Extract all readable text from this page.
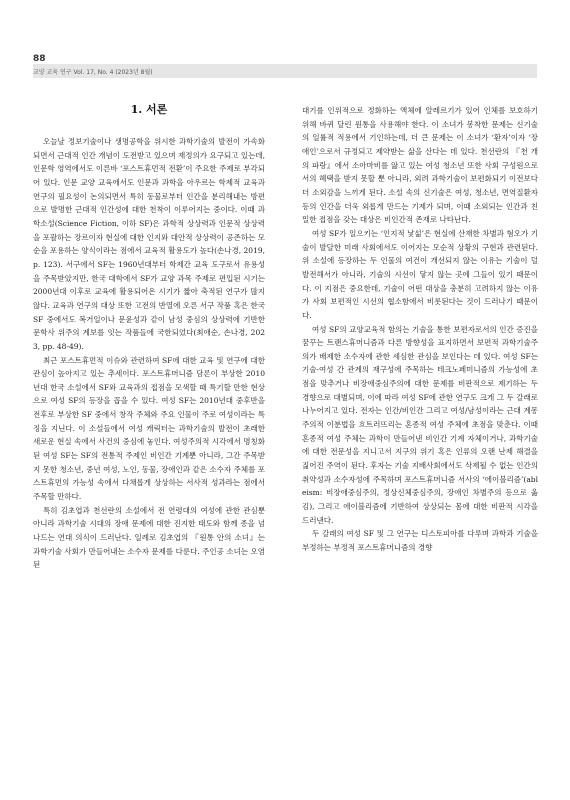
88
교양 교육 연구 Vol. 17, No. 4 (2023년 8월)
1. 서론

오늘날 정보기술이나 생명공학을 위시한 과학기술의 발전이 가속화되면서 근대적 인간 개념이 도전받고 있으며 재정의가 요구되고 있는데, 인문학 영역에서도 이른바 ‘포스트휴먼적 전환’이 주요한 주제로 부각되어 있다. 인문 교양 교육에서도 인문과 과학을 아우르는 학제적 교육과 연구의 필요성이 논의되면서 특히 동물로부터 인간을 분리해내는 방편으로 발명한 근대적 인간성에 대한 천착이 이루어지는 중이다. 이때 과학소설(Science Fiction, 이하 SF)은 과학적 상상력과 인문적 상상력을 포괄하는 장르이자 현실에 대한 인지와 대안적 상상력이 공존하는 모순을 포용하는 양식이라는 점에서 교육적 활용도가 높다(손나경, 2019, p. 123). 서구에서 SF는 1960년대부터 학제간 교육 도구로서 유용성을 주목받았지만, 한국 대학에서 SF가 교양 과목 주제로 편입된 시기는 2000년대 이후로 교육에 활용되어온 시기가 짧아 축적된 연구가 많지 않다. 교육과 연구의 대상 또한 고전의 반열에 오른 서구 작품 혹은 한국 SF 중에서도 복거일이나 문윤성과 같이 남성 중심의 상상력에 기반한 문학사 위주의 계보를 잇는 작품들에 국한되었다(최애순, 손나경, 2023, pp. 48-49).

최근 포스트휴먼적 이슈와 관련하여 SF에 대한 교육 및 연구에 대한 관심이 높아지고 있는 추세이다. 포스트휴머니즘 담론이 부상한 2010년대 한국 소설에서 SF와 교육과의 접점을 모색할 때 특기할 만한 현상으로 여성 SF의 등장을 꼽을 수 있다. 여성 SF는 2010년대 중후반을 전후로 부상한 SF 중에서 창작 주체와 주요 인물이 주로 여성이라는 특징을 지닌다. 이 소설들에서 여성 캐릭터는 과학기술의 발전이 초래한 새로운 현실 속에서 사건의 중심에 놓인다. 여성주의적 시각에서 명칭화된 여성 SF는 SF의 전통적 주제인 비인간 기계뿐 아니라, 그간 주목받지 못한 청소년, 중년 여성, 노인, 동물, 장애인과 같은 소수자 주체를 포스트휴먼의 가능성 속에서 다채롭게 상상하는 서사적 성과라는 점에서 주목할 만하다.

특히 김초엽과 천선란의 소설에서 전 연령대의 여성에 관한 관심뿐 아니라 과학기술 시대의 장애 문제에 대한 진지한 태도와 함께 종을 넘나드는 연대 의식이 드러난다. 일례로 김초엽의 『원통 안의 소녀』는 과학기술 사회가 만들어내는 소수자 문제를 다룬다. 주인공 소녀는 오염된

대기를 인위적으로 정화하는 액체에 알레르기가 있어 인체를 보호하기 위해 바퀴 달린 원통을 사용해야 한다. 이 소녀가 봉착한 문제는 신기술의 일률적 적용에서 기인하는데, 더 큰 문제는 이 소녀가 ‘환자’이자 ‘장애인’으로서 규정되고 제약받는 삶을 산다는 데 있다. 천선란의 『천 개의 파랑』에서 소아마비를 앓고 있는 여성 청소년 또한 사회 구성원으로서의 혜택을 받지 못할 뿐 아니라, 외려 과학기술이 보편화되기 이전보다 더 소외감을 느끼게 된다. 소설 속의 신기술은 여성, 청소년, 면역질환자 등의 인간을 더욱 외롭게 만드는 기제가 되며, 이때 소외되는 인간과 친밀한 접점을 갖는 대상은 비인간적 존재로 나타난다.

여성 SF가 일으키는 ‘인지적 낯섦’은 현실에 산재한 차별과 혐오가 기술이 발달한 미래 사회에서도 이어지는 모순적 상황의 구현과 관련된다. 위 소설에 등장하는 두 인물의 여건이 개선되지 않는 이유는 기술이 덜 발전해서가 아니라, 기술의 시선이 닿지 않는 곳에 그들이 있기 때문이다. 이 지점은 중요한데, 기술이 어떤 대상을 충분히 고려하지 않는 이유가 사회 보편적인 시선의 협소함에서 비롯된다는 것이 드러나기 때문이다.

여성 SF의 교양교육적 함의는 기술을 통한 보편자로서의 인간 증진을 꿈꾸는 트랜스휴머니즘과 다른 방향성을 표지하면서 보편적 과학기술주의가 배제한 소수자에 관한 세심한 관심을 보인다는 데 있다. 여성 SF는 기술-여성 간 관계의 재구성에 주목하는 테크노페미니즘의 가능성에 초점을 맞추거나 비장애중심주의에 대한 문제를 비판적으로 제기하는 두 경향으로 대별되며, 이에 따라 여성 SF에 관한 연구도 크게 그 두 갈래로 나누어지고 있다. 전자는 인간/비인간 그리고 여성/남성이라는 근대 계몽주의적 이분법을 흐트러뜨리는 혼종적 여성 주체에 초점을 맞춘다. 이때 혼종적 여성 주체는 과학이 만들어낸 비인간 기계 자체이거나, 과학기술에 대한 전문성을 지니고서 지구의 위기 혹은 인류의 오랜 난제 해결을 짊어진 주역이 된다. 후자는 기술 지배사회에서도 삭제될 수 없는 인간의 취약성과 소수자성에 주목하며 포스트휴머니즘 서사의 ‘에이블리즘’(ableism: 비장애중심주의, 정상신체중심주의, 장애인 차별주의 등으로 옮김), 그리고 에이블리즘에 기반하여 상상되는 몸에 대한 비판적 시각을 드러낸다.

두 갈래의 여성 SF 및 그 연구는 디스토피아를 다루며 과학과 기술을 부정하는 부정적 포스트휴머니즘의 경향
